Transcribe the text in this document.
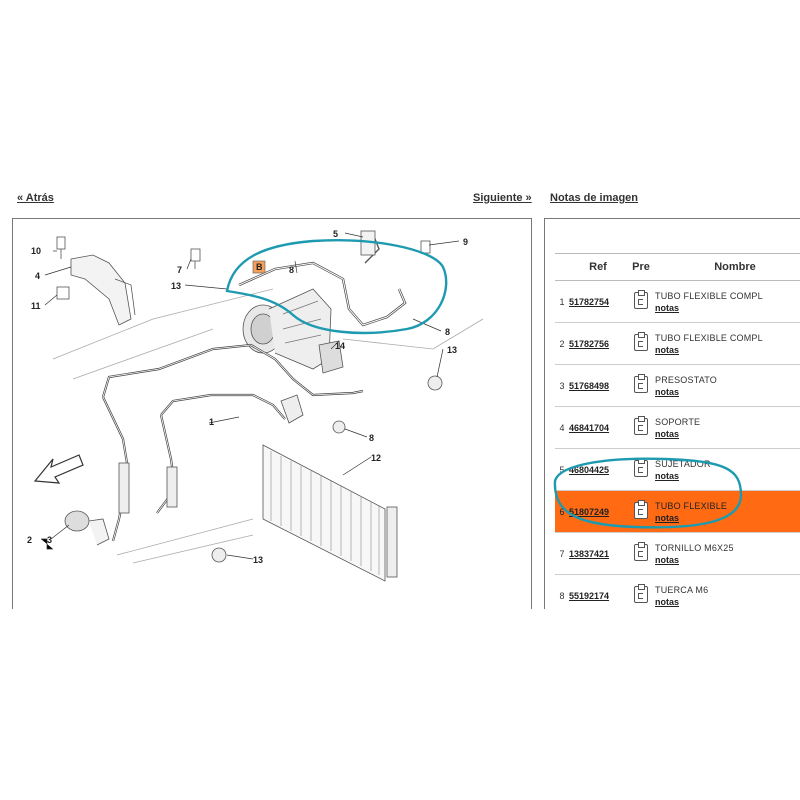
« Atrás	Siguiente » Notas de imagen
10
4
11
7
13
B	8
5
9
8
13
14
1
8
12
2 3
13
	Ref	Pre	Nombre
1	51782754		TUBO FLEXIBLE COMPL
notas

2	51782756		TUBO FLEXIBLE COMPL
notas

3	51768498		PRESOSTATO
notas

4	46841704		SOPORTE
notas

5	46804425		SUJETADOR
notas

6	51807249		TUBO FLEXIBLE
notas

7	13837421		TORNILLO M6X25
notas

8	55192174		TUERCA M6
notas
